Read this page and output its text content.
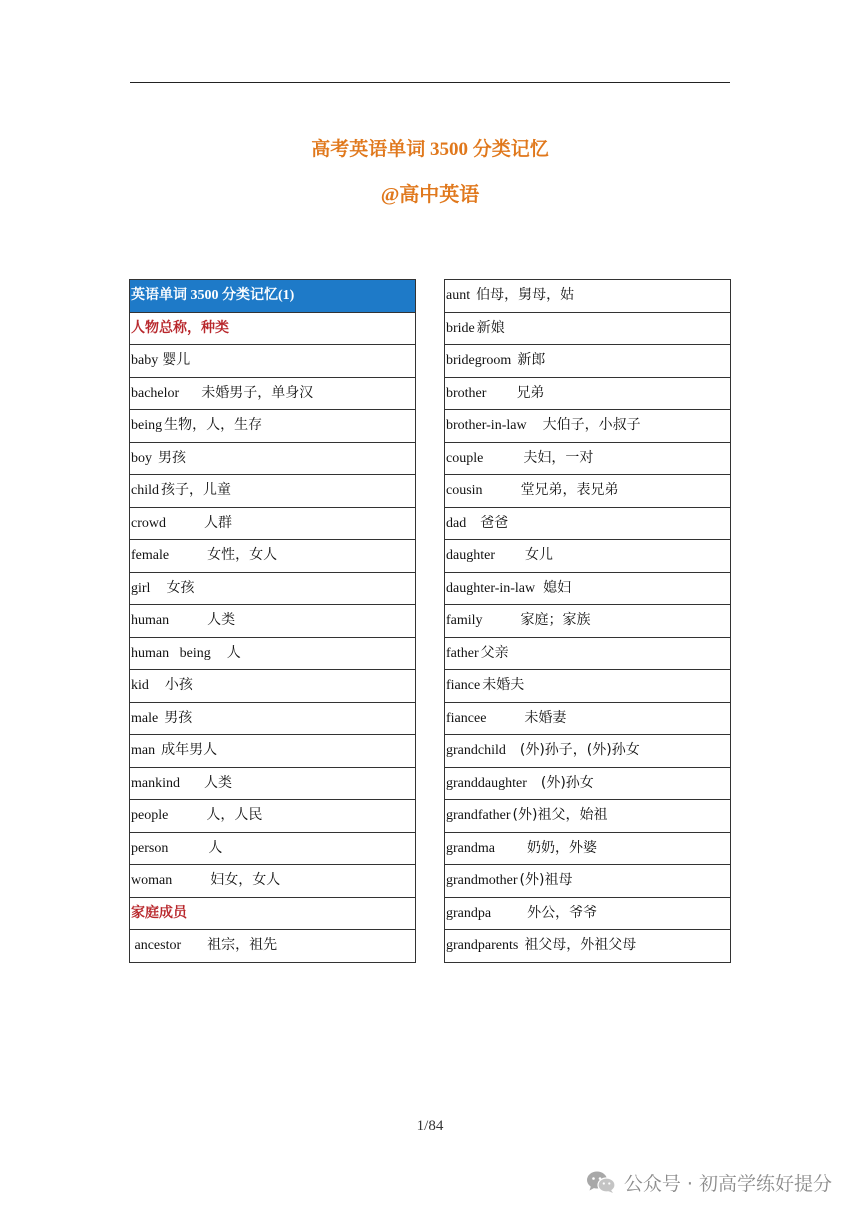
高考英语单词 3500 分类记忆
@高中英语
英语单词 3500 分类记忆(1)
人物总称，种类
baby 婴儿
bachelor 未婚男子，单身汉
being 生物，人，生存
boy 男孩
child 孩子，儿童
crowd	人群
female	女性，女人
girl 女孩
human	人类
human   being 人
kid 小孩
male 男孩
man 成年男人
mankind 人类
people	人，人民
person	人
woman	妇女，女人
家庭成员
ancestor 祖宗，祖先
aunt 伯母，舅母，姑
bride 新娘
bridegroom 新郎
brother 兄弟
brother-in-law 大伯子，小叔子
couple	夫妇，一对
cousin	堂兄弟，表兄弟
dad 爸爸
daughter 女儿
daughter-in-law 媳妇
family	家庭；家族
father 父亲
fiance 未婚夫
fiancee	未婚妻
grandchild (外)孙子，(外)孙女
granddaughter (外)孙女
grandfather (外)祖父，始祖
grandma 奶奶，外婆
grandmother (外)祖母
grandpa	外公，爷爷
grandparents 祖父母，外祖父母
1/84
公众号 · 初高学练好提分
